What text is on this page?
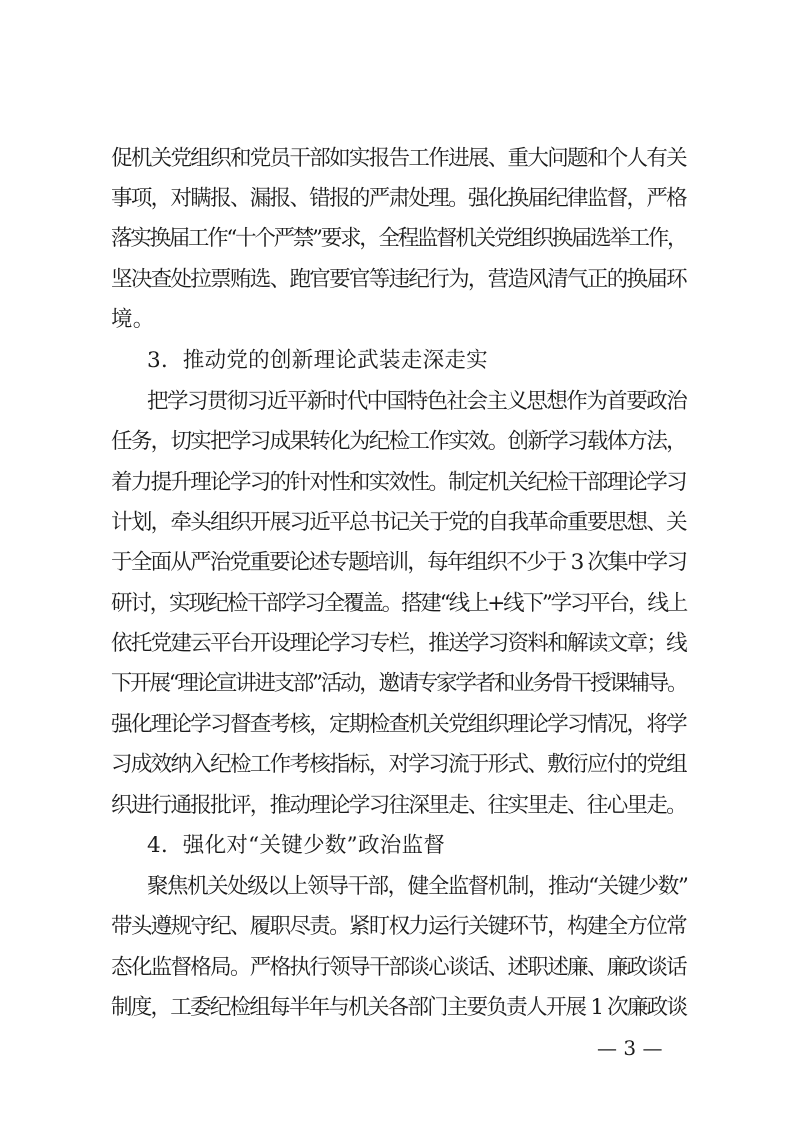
促机关党组织和党员干部如实报告工作进展、重大问题和个人有关
事项，对瞒报、漏报、错报的严肃处理。强化换届纪律监督，严格
落实换届工作“十个严禁”要求，全程监督机关党组织换届选举工作，
坚决查处拉票贿选、跑官要官等违纪行为，营造风清气正的换届环
境。
3．推动党的创新理论武装走深走实
把学习贯彻习近平新时代中国特色社会主义思想作为首要政治
任务，切实把学习成果转化为纪检工作实效。创新学习载体方法，
着力提升理论学习的针对性和实效性。制定机关纪检干部理论学习
计划，牵头组织开展习近平总书记关于党的自我革命重要思想、关
于全面从严治党重要论述专题培训，每年组织不少于 3 次集中学习
研讨，实现纪检干部学习全覆盖。搭建“线上+线下”学习平台，线上
依托党建云平台开设理论学习专栏，推送学习资料和解读文章；线
下开展“理论宣讲进支部”活动，邀请专家学者和业务骨干授课辅导。
强化理论学习督查考核，定期检查机关党组织理论学习情况，将学
习成效纳入纪检工作考核指标，对学习流于形式、敷衍应付的党组
织进行通报批评，推动理论学习往深里走、往实里走、往心里走。
4．强化对“关键少数”政治监督
聚焦机关处级以上领导干部，健全监督机制，推动“关键少数”
带头遵规守纪、履职尽责。紧盯权力运行关键环节，构建全方位常
态化监督格局。严格执行领导干部谈心谈话、述职述廉、廉政谈话
制度，工委纪检组每半年与机关各部门主要负责人开展 1 次廉政谈
— 3 —
